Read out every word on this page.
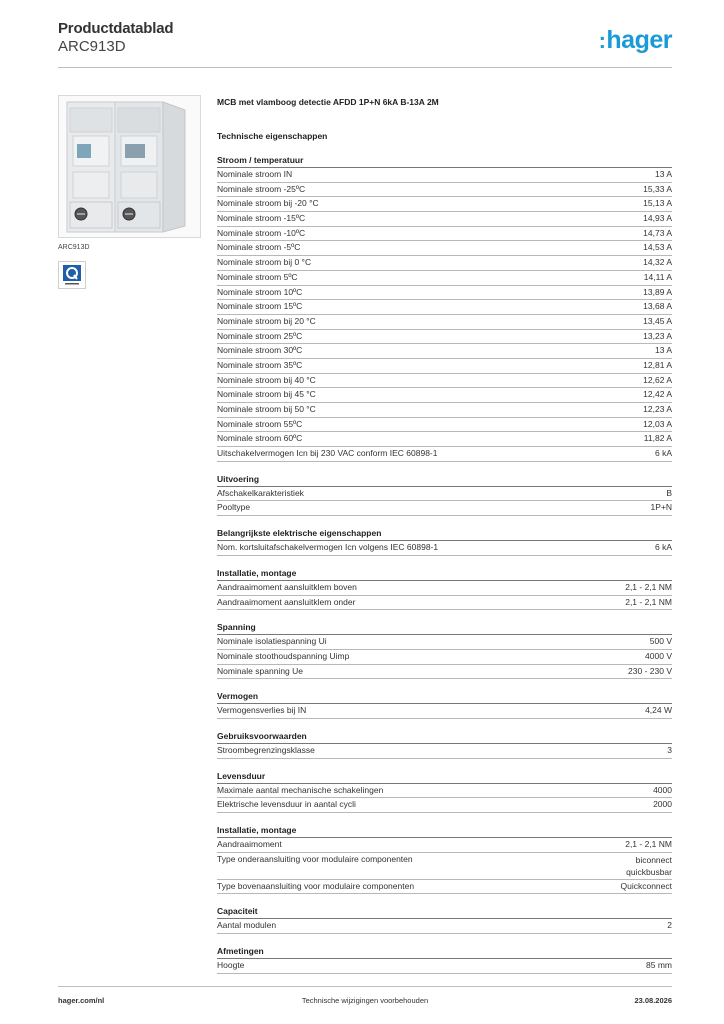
Productdatablad
ARC913D	:hager
ARC913D
MCB met vlamboog detectie AFDD 1P+N 6kA B-13A 2M
Technische eigenschappen
Stroom / temperatuur
Nominale stroom IN	13 A
Nominale stroom -25ºC	15,33 A
Nominale stroom bij -20 °C	15,13 A
Nominale stroom -15ºC	14,93 A
Nominale stroom -10ºC	14,73 A
Nominale stroom -5ºC	14,53 A
Nominale stroom bij 0 °C	14,32 A
Nominale stroom 5ºC	14,11 A
Nominale stroom 10ºC	13,89 A
Nominale stroom 15ºC	13,68 A
Nominale stroom bij 20 °C	13,45 A
Nominale stroom 25ºC	13,23 A
Nominale stroom 30ºC	13 A
Nominale stroom 35ºC	12,81 A
Nominale stroom bij 40 °C	12,62 A
Nominale stroom bij 45 °C	12,42 A
Nominale stroom bij 50 °C	12,23 A
Nominale stroom 55ºC	12,03 A
Nominale stroom 60ºC	11,82 A
Uitschakelvermogen Icn bij 230 VAC conform IEC 60898-1	6 kA
Uitvoering
Afschakelkarakteristiek	B
Pooltype	1P+N
Belangrijkste elektrische eigenschappen
Nom. kortsluitafschakelvermogen Icn volgens IEC 60898-1	6 kA
Installatie, montage
Aandraaimoment aansluitklem boven	2,1 - 2,1 NM
Aandraaimoment aansluitklem onder	2,1 - 2,1 NM
Spanning
Nominale isolatiespanning Ui	500 V
Nominale stoothoudspanning Uimp	4000 V
Nominale spanning Ue	230 - 230 V
Vermogen
Vermogensverlies bij IN	4,24 W
Gebruiksvoorwaarden
Stroombegrenzingsklasse	3
Levensduur
Maximale aantal mechanische schakelingen	4000
Elektrische levensduur in aantal cycli	2000
Installatie, montage
Aandraaimoment	2,1 - 2,1 NM
Type onderaansluiting voor modulaire componenten	biconnect
quickbusbar
Type bovenaansluiting voor modulaire componenten	Quickconnect
Capaciteit
Aantal modulen	2
Afmetingen
Hoogte	85 mm
hager.com/nl	Technische wijzigingen voorbehouden	23.08.2026
